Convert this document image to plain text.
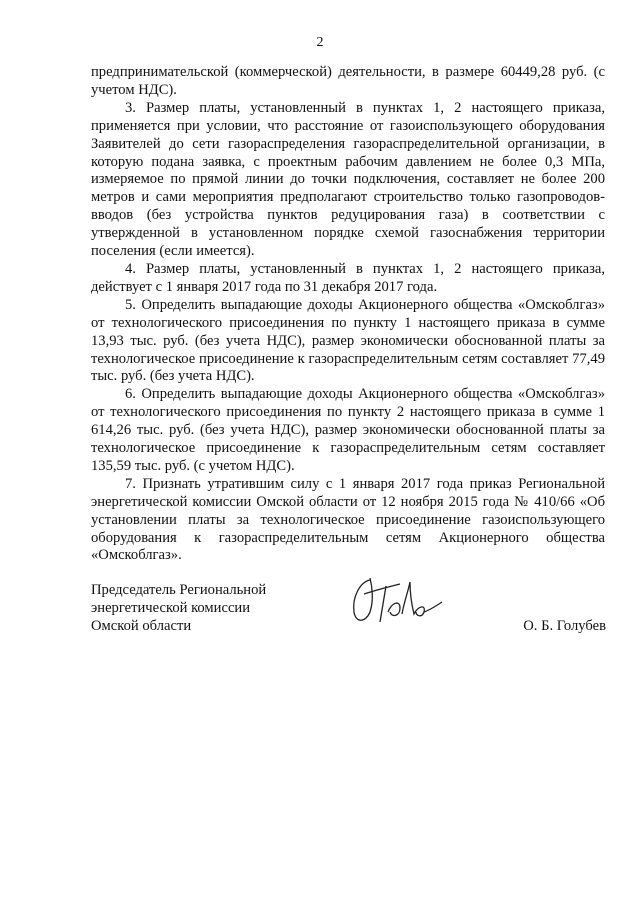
2

предпринимательской (коммерческой) деятельности, в размере 60449,28 руб. (с учетом НДС).

3. Размер платы, установленный в пунктах 1, 2 настоящего приказа, применяется при условии, что расстояние от газоиспользующего оборудования Заявителей до сети газораспределения газораспределительной организации, в которую подана заявка, с проектным рабочим давлением не более 0,3 МПа, измеряемое по прямой линии до точки подключения, составляет не более 200 метров и сами мероприятия предполагают строительство только газопроводов-вводов (без устройства пунктов редуцирования газа) в соответствии с утвержденной в установленном порядке схемой газоснабжения территории поселения (если имеется).

4. Размер платы, установленный в пунктах 1, 2 настоящего приказа, действует с 1 января 2017 года по 31 декабря 2017 года.

5. Определить выпадающие доходы Акционерного общества «Омскоблгаз» от технологического присоединения по пункту 1 настоящего приказа в сумме 13,93 тыс. руб. (без учета НДС), размер экономически обоснованной платы за технологическое присоединение к газораспределительным сетям составляет 77,49 тыс. руб. (без учета НДС).

6. Определить выпадающие доходы Акционерного общества «Омскоблгаз» от технологического присоединения по пункту 2 настоящего приказа в сумме 1 614,26 тыс. руб. (без учета НДС), размер экономически обоснованной платы за технологическое присоединение к газораспределительным сетям составляет 135,59 тыс. руб. (с учетом НДС).

7. Признать утратившим силу с 1 января 2017 года приказ Региональной энергетической комиссии Омской области от 12 ноября 2015 года № 410/66 «Об установлении платы за технологическое присоединение газоиспользующего оборудования к газораспределительным сетям Акционерного общества «Омскоблгаз».

Председатель Региональной
энергетической комиссии
Омской области	О. Б. Голубев
